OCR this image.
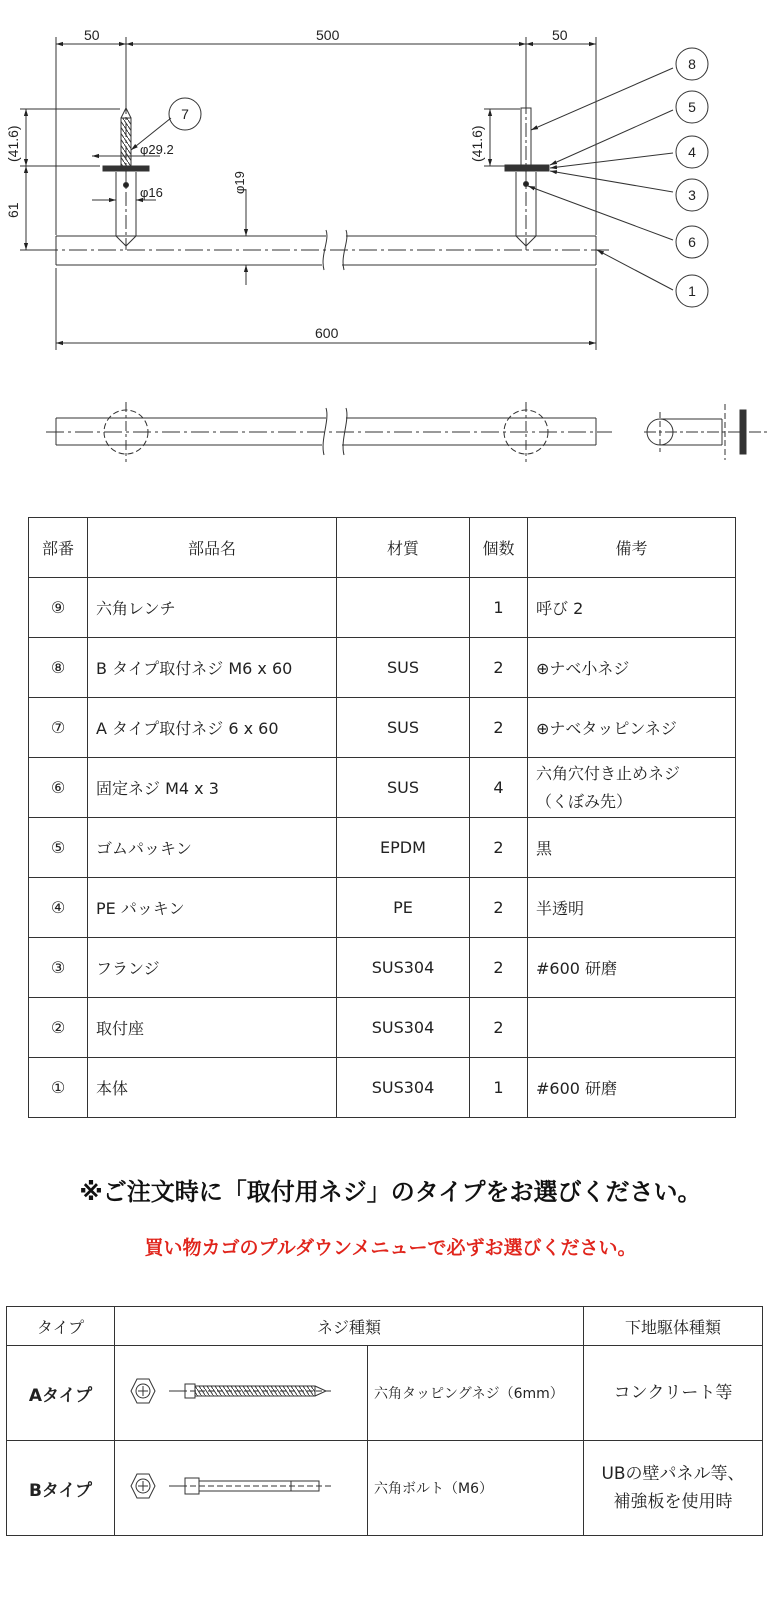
50	500	50
600
(41.6)
61
(41.6)
φ29.2
φ16	φ19
7
8
5
4
3
6
1
部番	部品名	材質	個数	備考
⑨	六角レンチ		1	呼び 2
⑧	B タイプ取付ネジ M6 x 60	SUS	2	⊕ナベ小ネジ
⑦	A タイプ取付ネジ 6 x 60	SUS	2	⊕ナベタッピンネジ
⑥	固定ネジ M4 x 3	SUS	4	六角穴付き止めネジ
（くぼみ先）

⑤	ゴムパッキン	EPDM	2	黒
④	PE パッキン	PE	2	半透明
③	フランジ	SUS304	2	#600 研磨
②	取付座	SUS304	2	
①	本体	SUS304	1	#600 研磨
※ご注文時に「取付用ネジ」のタイプをお選びください。
買い物カゴのプルダウンメニューで必ずお選びください。
タイプ	ネジ種類		下地駆体種類
Aタイプ		六角タッピングネジ（6mm）	コンクリート等

Bタイプ		六角ボルト（M6）	UBの壁パネル等、
補強板を使用時
